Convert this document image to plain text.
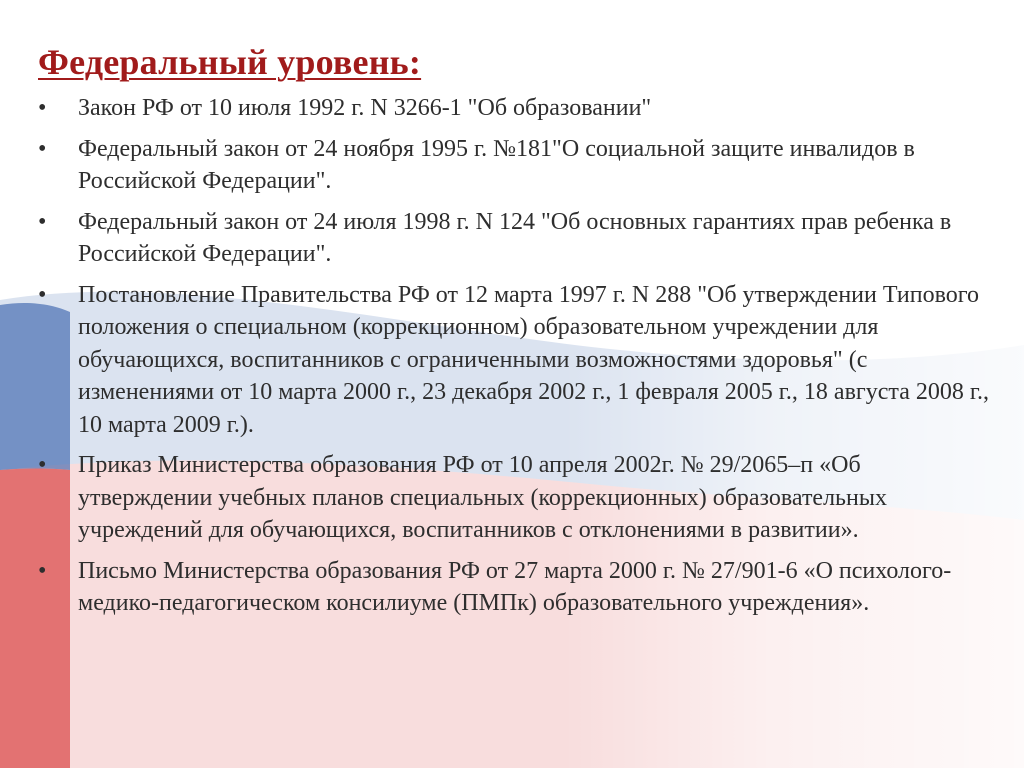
Федеральный уровень:
•	Закон РФ от 10 июля 1992 г. N 3266-1 "Об образовании"
•	Федеральный закон от 24 ноября 1995 г. №181"О социальной защите инвалидов в Российской Федерации".
•	Федеральный закон от 24 июля 1998 г. N 124 "Об основных гарантиях прав ребенка в Российской Федерации".
•	Постановление Правительства РФ от 12 марта 1997 г. N 288 "Об утверждении Типового положения о специальном (коррекционном) образовательном учреждении для обучающихся, воспитанников с ограниченными возможностями здоровья" (с изменениями от 10 марта 2000 г., 23 декабря 2002 г., 1 февраля 2005 г., 18 августа 2008 г., 10 марта 2009 г.).
•	Приказ Министерства образования РФ от 10 апреля 2002г. № 29/2065–п «Об утверждении учебных планов специальных (коррекционных) образовательных учреждений для обучающихся, воспитанников с отклонениями в развитии».
•	Письмо Министерства образования РФ от 27 марта 2000 г. № 27/901-6 «О психолого-медико-педагогическом консилиуме (ПМПк) образовательного учреждения».
